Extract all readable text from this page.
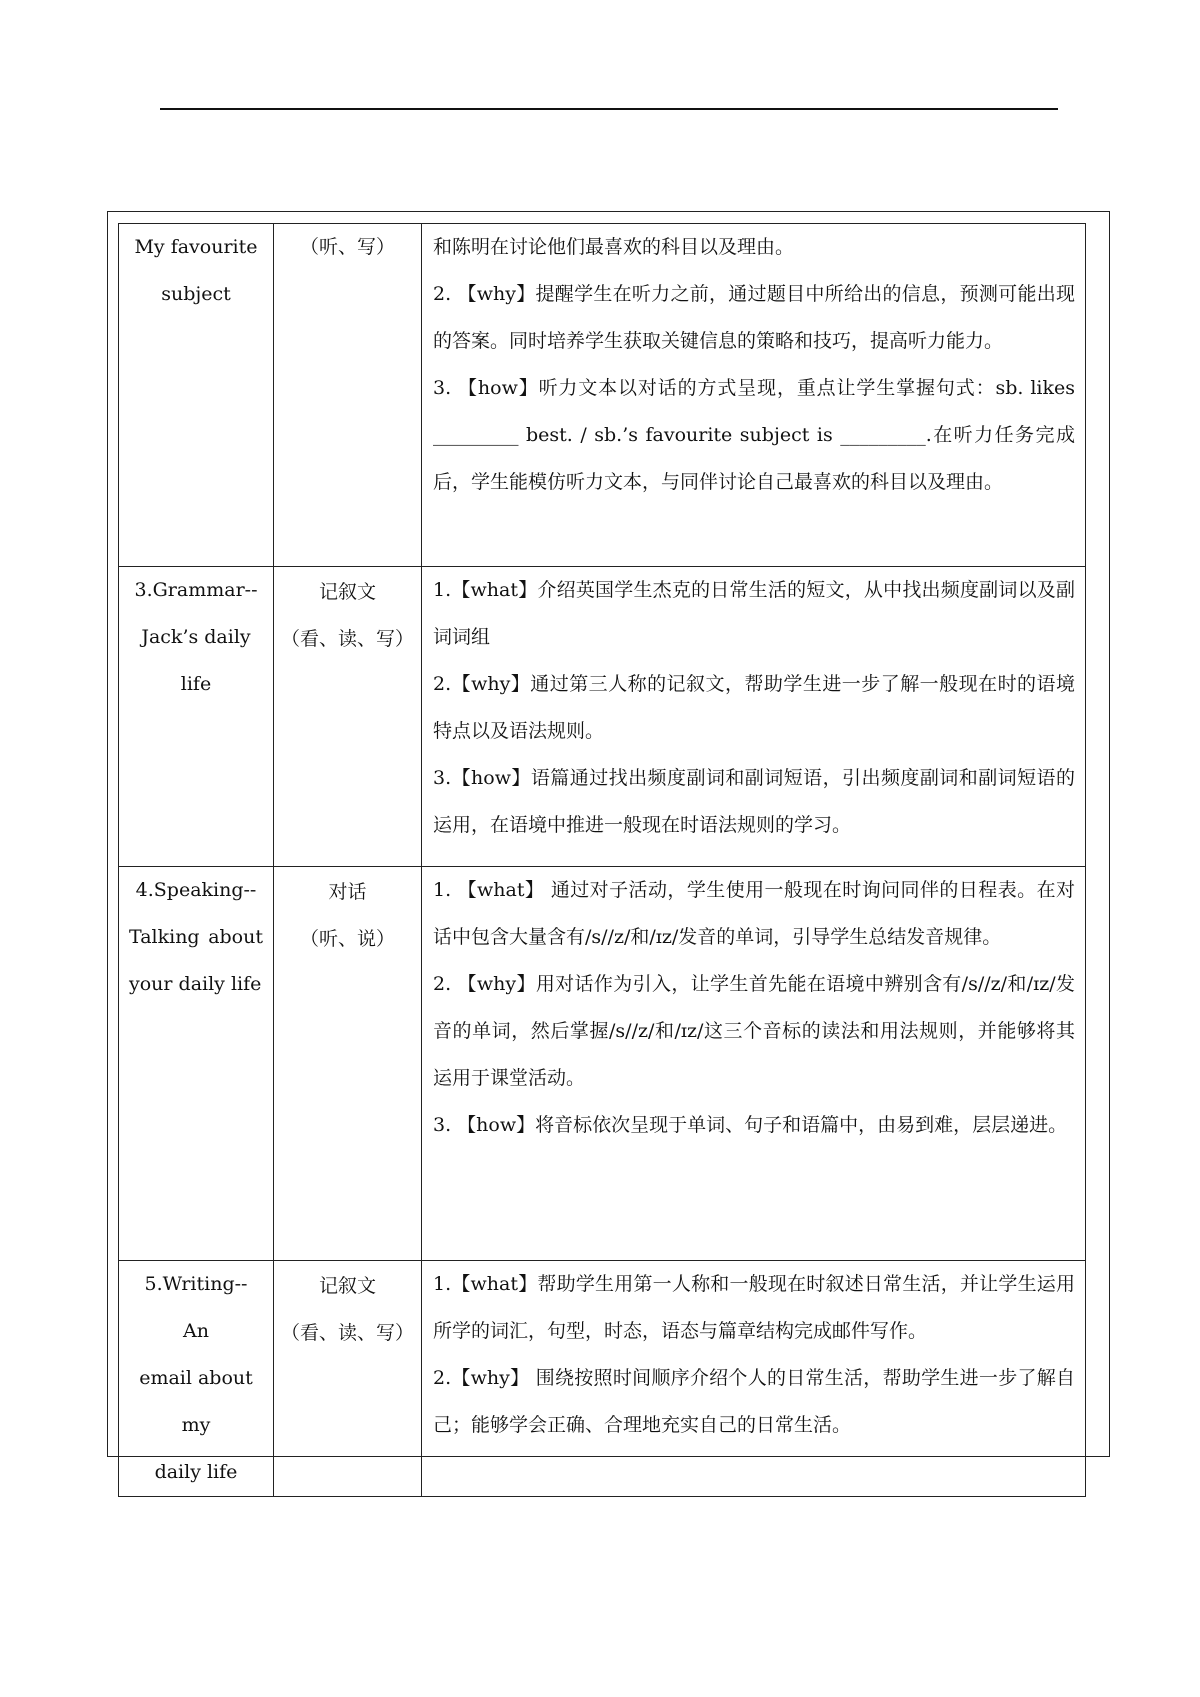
My favourite
subject	（听、写）	和陈明在讨论他们最喜欢的科目以及理由。
2. 【why】提醒学生在听力之前，通过题目中所给出的信息，预测可能出现的答案。同时培养学生获取关键信息的策略和技巧，提高听力能力。
3. 【how】听力文本以对话的方式呈现，重点让学生掌握句式：sb. likes _________ best. / sb.’s favourite subject is _________.在听力任务完成后，学生能模仿听力文本，与同伴讨论自己最喜欢的科目以及理由。

3.Grammar--
Jack’s daily
life	记叙文
（看、读、写）	1.【what】介绍英国学生杰克的日常生活的短文，从中找出频度副词以及副词词组
2.【why】通过第三人称的记叙文，帮助学生进一步了解一般现在时的语境特点以及语法规则。
3.【how】语篇通过找出频度副词和副词短语，引出频度副词和副词短语的运用，在语境中推进一般现在时语法规则的学习。

4.Speaking--
Talking about
your daily life	对话
（听、说）	1. 【what】 通过对子活动，学生使用一般现在时询问同伴的日程表。在对话中包含大量含有/s//z/和/ɪz/发音的单词，引导学生总结发音规律。
2. 【why】用对话作为引入，让学生首先能在语境中辨别含有/s//z/和/ɪz/发音的单词，然后掌握/s//z/和/ɪz/这三个音标的读法和用法规则，并能够将其运用于课堂活动。
3. 【how】将音标依次呈现于单词、句子和语篇中，由易到难，层层递进。

5.Writing-- An
email about my
daily life	记叙文
（看、读、写）	1.【what】帮助学生用第一人称和一般现在时叙述日常生活，并让学生运用所学的词汇，句型，时态，语态与篇章结构完成邮件写作。
2.【why】 围绕按照时间顺序介绍个人的日常生活，帮助学生进一步了解自己；能够学会正确、合理地充实自己的日常生活。
